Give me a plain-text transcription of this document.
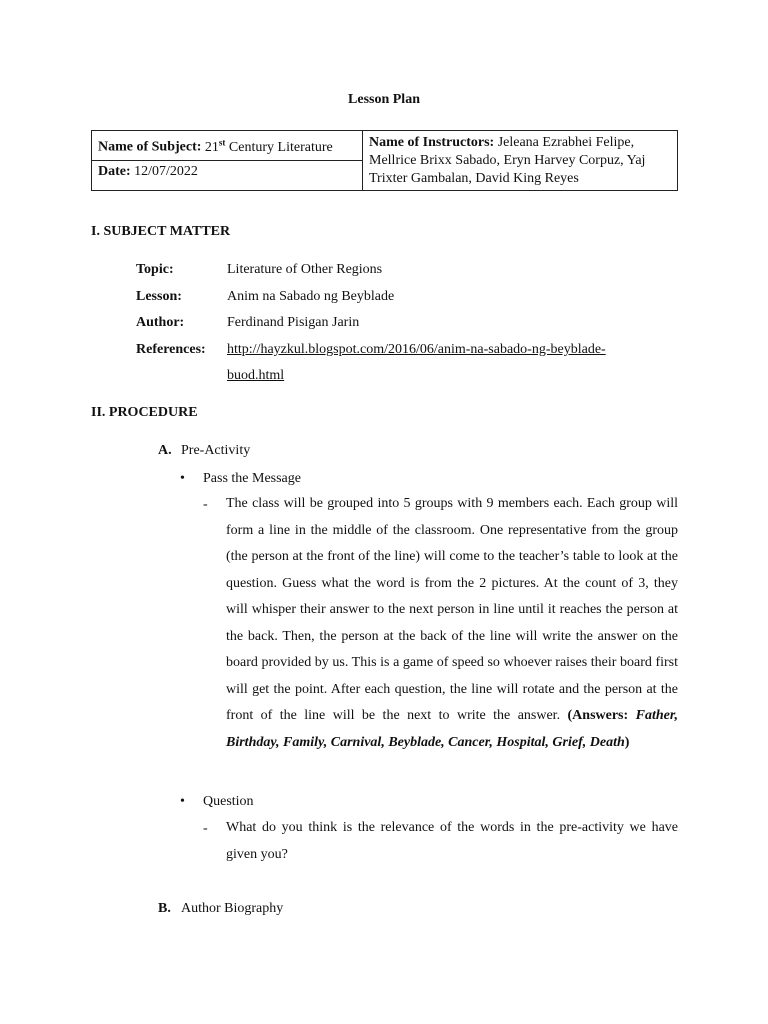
Lesson Plan
Name of Subject: 21st Century Literature	Name of Instructors: Jeleana Ezrabhei Felipe, Mellrice Brixx Sabado, Eryn Harvey Corpuz, Yaj Trixter Gambalan, David King Reyes
Date: 12/07/2022
I. SUBJECT MATTER
Topic:	Literature of Other Regions
Lesson:	Anim na Sabado ng Beyblade
Author:	Ferdinand Pisigan Jarin
References:	http://hayzkul.blogspot.com/2016/06/anim-na-sabado-ng-beyblade-
buod.html
II. PROCEDURE
A. Pre-Activity
• Pass the Message
- The class will be grouped into 5 groups with 9 members each. Each group will form a line in the middle of the classroom. One representative from the group (the person at the front of the line) will come to the teacher’s table to look at the question. Guess what the word is from the 2 pictures. At the count of 3, they will whisper their answer to the next person in line until it reaches the person at the back. Then, the person at the back of the line will write the answer on the board provided by us. This is a game of speed so whoever raises their board first will get the point. After each question, the line will rotate and the person at the front of the line will be the next to write the answer. (Answers: Father, Birthday, Family, Carnival, Beyblade, Cancer, Hospital, Grief, Death)
• Question
- What do you think is the relevance of the words in the pre-activity we have given you?
B. Author Biography
